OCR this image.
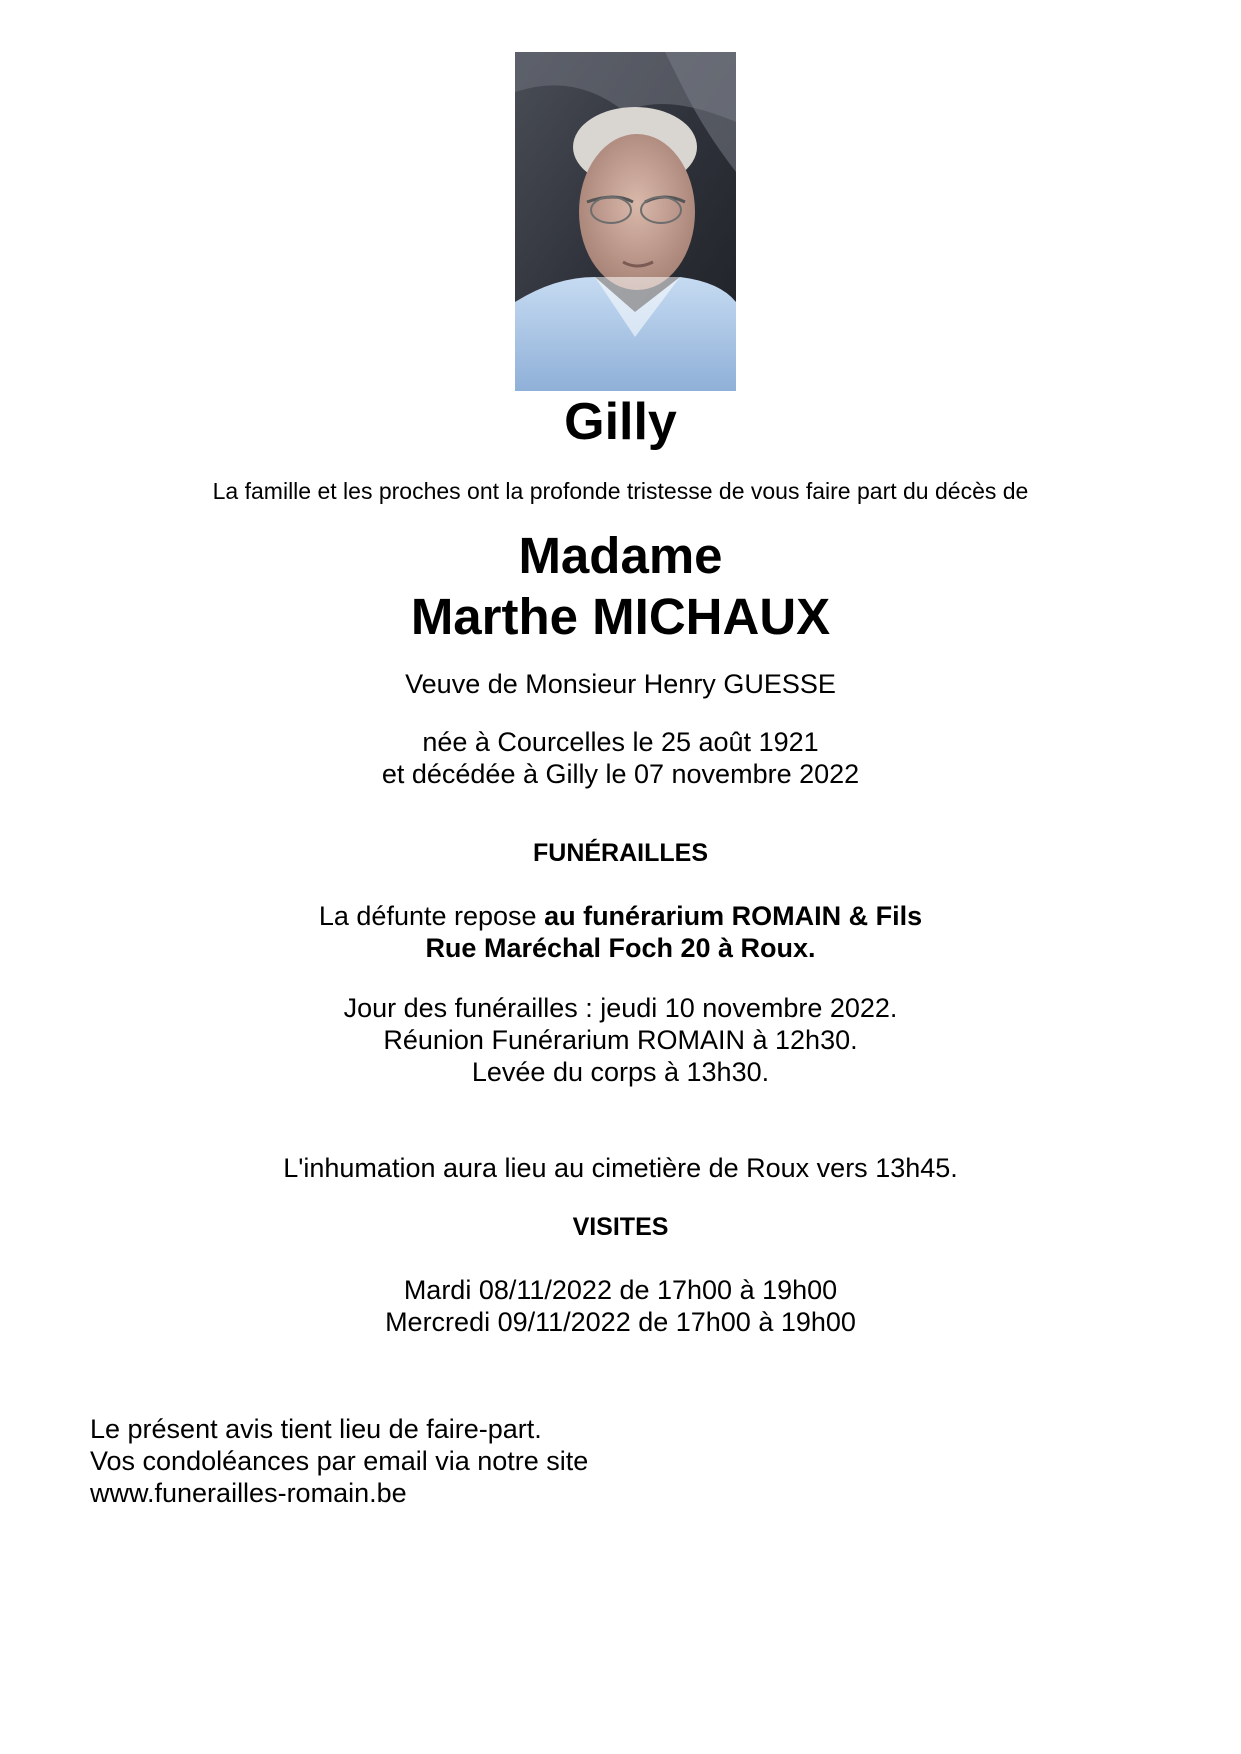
Gilly
La famille et les proches ont la profonde tristesse de vous faire part du décès de
Madame
Marthe MICHAUX
Veuve de Monsieur Henry GUESSE
née à Courcelles le 25 août 1921
et décédée à Gilly le 07 novembre 2022
FUNÉRAILLES
La défunte repose au funérarium ROMAIN & Fils
Rue Maréchal Foch 20 à Roux.
Jour des funérailles : jeudi 10 novembre 2022.
Réunion Funérarium ROMAIN à 12h30.
Levée du corps à 13h30.
L'inhumation aura lieu au cimetière de Roux vers 13h45.
VISITES
Mardi 08/11/2022 de 17h00 à 19h00
Mercredi 09/11/2022 de 17h00 à 19h00
Le présent avis tient lieu de faire-part.
Vos condoléances par email via notre site
www.funerailles-romain.be
